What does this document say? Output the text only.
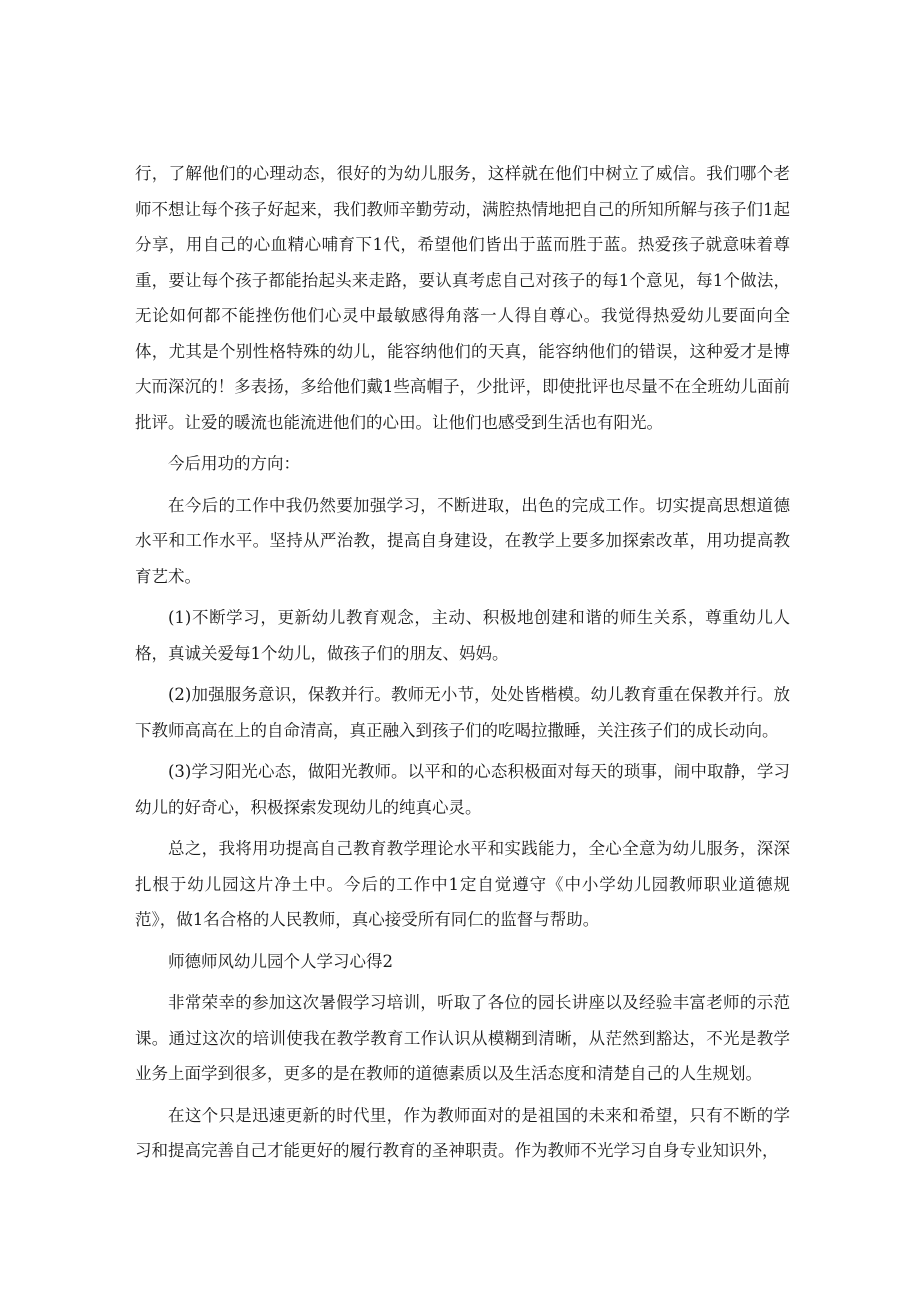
行，了解他们的心理动态，很好的为幼儿服务，这样就在他们中树立了威信。我们哪个老师不想让每个孩子好起来，我们教师辛勤劳动，满腔热情地把自己的所知所解与孩子们1起分享，用自己的心血精心哺育下1代，希望他们皆出于蓝而胜于蓝。热爱孩子就意味着尊重，要让每个孩子都能抬起头来走路，要认真考虑自己对孩子的每1个意见，每1个做法，无论如何都不能挫伤他们心灵中最敏感得角落一人得自尊心。我觉得热爱幼儿要面向全体，尤其是个别性格特殊的幼儿，能容纳他们的天真，能容纳他们的错误，这种爱才是博大而深沉的！多表扬，多给他们戴1些高帽子，少批评，即使批评也尽量不在全班幼儿面前批评。让爱的暖流也能流进他们的心田。让他们也感受到生活也有阳光。

今后用功的方向：

在今后的工作中我仍然要加强学习，不断进取，出色的完成工作。切实提高思想道德水平和工作水平。坚持从严治教，提高自身建设，在教学上要多加探索改革，用功提高教育艺术。

(1)不断学习，更新幼儿教育观念，主动、积极地创建和谐的师生关系，尊重幼儿人格，真诚关爱每1个幼儿，做孩子们的朋友、妈妈。

(2)加强服务意识，保教并行。教师无小节，处处皆楷模。幼儿教育重在保教并行。放下教师高高在上的自命清高，真正融入到孩子们的吃喝拉撒睡，关注孩子们的成长动向。

(3)学习阳光心态，做阳光教师。以平和的心态积极面对每天的琐事，闹中取静，学习幼儿的好奇心，积极探索发现幼儿的纯真心灵。

总之，我将用功提高自己教育教学理论水平和实践能力，全心全意为幼儿服务，深深扎根于幼儿园这片净土中。今后的工作中1定自觉遵守《中小学幼儿园教师职业道德规范》，做1名合格的人民教师，真心接受所有同仁的监督与帮助。

师德师风幼儿园个人学习心得2

非常荣幸的参加这次暑假学习培训，听取了各位的园长讲座以及经验丰富老师的示范课。通过这次的培训使我在教学教育工作认识从模糊到清晰，从茫然到豁达，不光是教学业务上面学到很多，更多的是在教师的道德素质以及生活态度和清楚自己的人生规划。

在这个只是迅速更新的时代里，作为教师面对的是祖国的未来和希望，只有不断的学习和提高完善自己才能更好的履行教育的圣神职责。作为教师不光学习自身专业知识外，
